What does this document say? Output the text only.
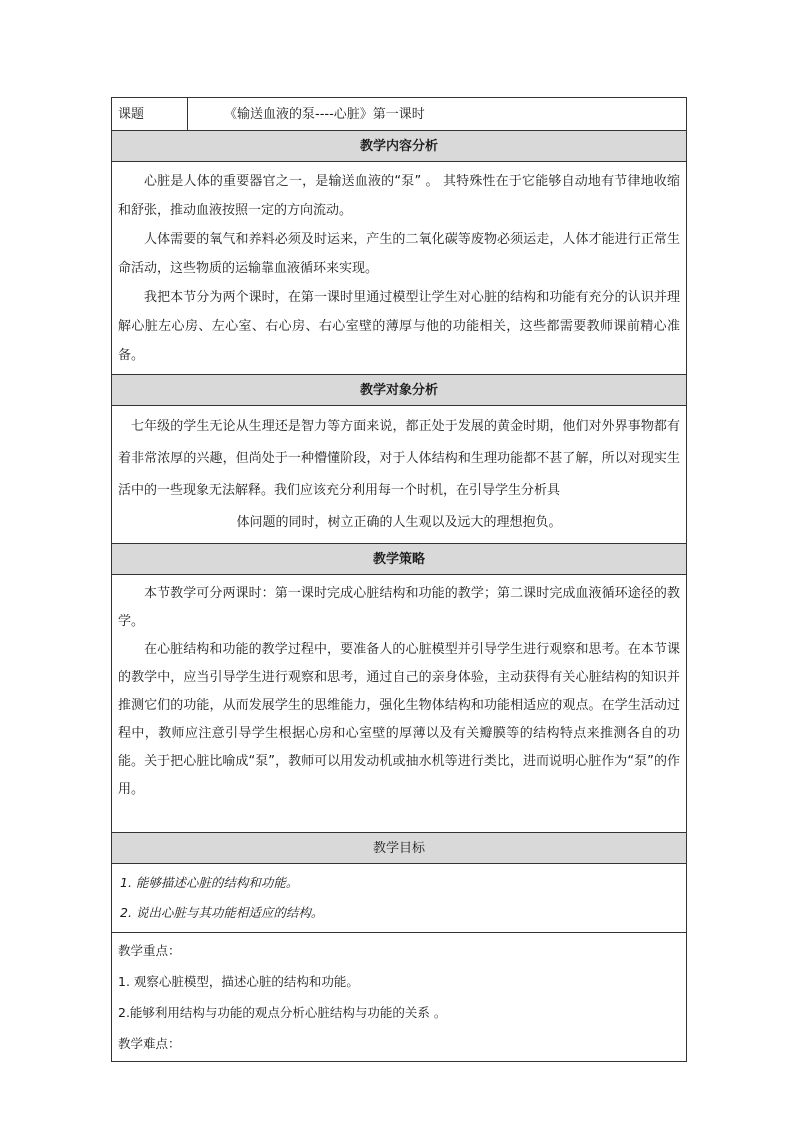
课题	《输送血液的泵----心脏》第一课时
教学内容分析

心脏是人体的重要器官之一，是输送血液的“泵” 。 其特殊性在于它能够自动地有节律地收缩和舒张，推动血液按照一定的方向流动。

人体需要的氧气和养料必须及时运来，产生的二氧化碳等废物必须运走，人体才能进行正常生命活动，这些物质的运输靠血液循环来实现。

我把本节分为两个课时，在第一课时里通过模型让学生对心脏的结构和功能有充分的认识并理解心脏左心房、左心室、右心房、右心室壁的薄厚与他的功能相关，这些都需要教师课前精心准备。

教学对象分析

七年级的学生无论从生理还是智力等方面来说，都正处于发展的黄金时期，他们对外界事物都有着非常浓厚的兴趣，但尚处于一种懵懂阶段，对于人体结构和生理功能都不甚了解，所以对现实生活中的一些现象无法解释。我们应该充分利用每一个时机，在引导学生分析具

体问题的同时，树立正确的人生观以及远大的理想抱负。

教学策略

本节教学可分两课时：第一课时完成心脏结构和功能的教学；第二课时完成血液循环途径的教学。

在心脏结构和功能的教学过程中，要准备人的心脏模型并引导学生进行观察和思考。在本节课的教学中，应当引导学生进行观察和思考，通过自己的亲身体验，主动获得有关心脏结构的知识并推测它们的功能，从而发展学生的思维能力，强化生物体结构和功能相适应的观点。在学生活动过程中，教师应注意引导学生根据心房和心室壁的厚薄以及有关瓣膜等的结构特点来推测各自的功能。关于把心脏比喻成“泵”，教师可以用发动机或抽水机等进行类比，进而说明心脏作为“泵”的作用。

教学目标
1. 能够描述心脏的结构和功能。
2. 说出心脏与其功能相适应的结构。
教学重点：
1. 观察心脏模型，描述心脏的结构和功能。
2.能够利用结构与功能的观点分析心脏结构与功能的关系 。
教学难点：
